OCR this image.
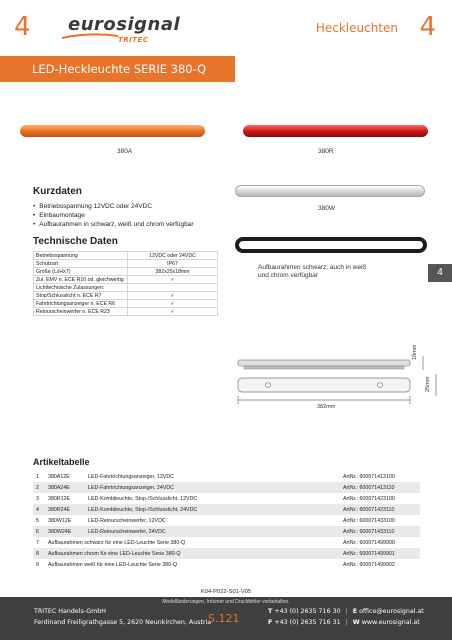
4 eurosignal
TRITEC
Heckleuchten 4
LED-Heckleuchte SERIE 380-Q
380A	380R
380W
Aufbaurahmen schwarz; auch in weiß und chrom verfügbar
Kurzdaten
• Betriebsspannung 12VDC oder 24VDC
• Einbaumontage
• Aufbaurahmen in schwarz, weiß und chrom verfügbar
Technische Daten
Betriebsspannung	12VDC oder 24VDC
Schutzart	IP67
Größe (LxHxT)	382x25x18mm
Zul. EMV n. ECE R10 od. gleichwertig	✓
Lichttechnische Zulassungen:	
Stop/Schlusslicht n. ECE R7	✓
Fahrtrichtungsanzeiger n. ECE R6	✓
Retourscheinwerfer n. ECE R23	✓
4
18mm
25mm
382mm
Artikeltabelle
1	380A12E	LED-Fahrtrichtungsanzeiger, 12VDC	ArtNr.: 600071413100
2	380A24E	LED-Fahrtrichtungsanzeiger, 24VDC	ArtNr.: 600071413110
3	380R12E	LED-Kombileuchte, Stop-/Schlusslicht, 12VDC	ArtNr.: 600071423100
4	380R24E	LED-Kombileuchte, Stop-/Schlusslicht, 24VDC	ArtNr.: 600071423110
5	380W12E	LED-Retourscheinwerfer, 12VDC	ArtNr.: 600071433100
6	380W24E	LED-Retourscheinwerfer, 24VDC	ArtNr.: 600071433110
7	Aufbaurahmen schwarz für eine LED-Leuchte Serie 380-Q		ArtNr.: 600071499900
8	Aufbaurahmen chrom für eine LED-Leuchte Serie 380-Q		ArtNr.: 600071499901
9	Aufbaurahmen weiß für eine LED-Leuchte Serie 380-Q		ArtNr.: 600071499902
K04-P022-S01-V05
Modelländerungen, Irrtümer und Druckfehler vorbehalten.
TRITEC Handels-GmbH
Ferdinand Freiligrathgasse 5, 2620 Neunkirchen, Austria
S.121
T +43 (0) 2635 716 30 | E office@eurosignal.at
F +43 (0) 2635 716 31 | W www.eurosignal.at
